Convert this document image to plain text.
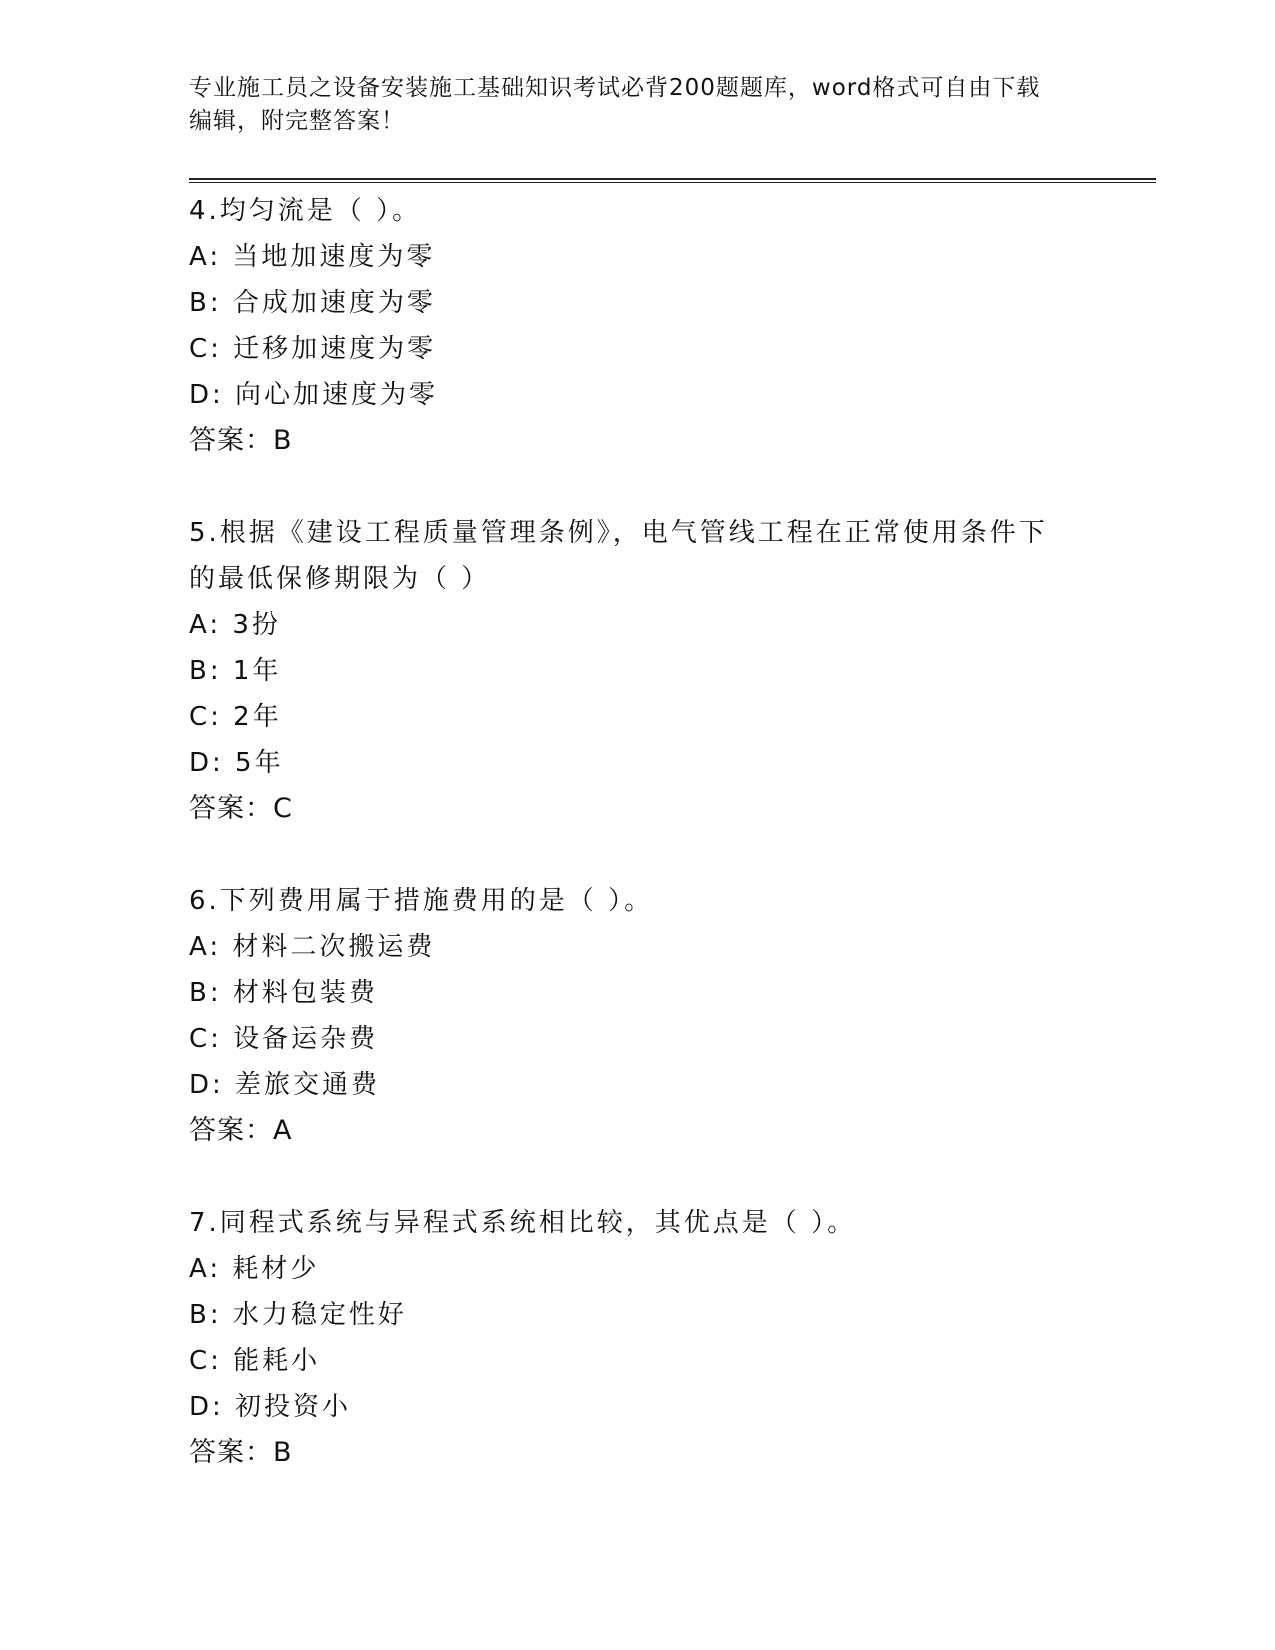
专业施工员之设备安装施工基础知识考试必背200题题库，word格式可自由下载
编辑，附完整答案！
4.均匀流是（ ）。
A: 当地加速度为零
B: 合成加速度为零
C: 迁移加速度为零
D: 向心加速度为零
答案：B
5.根据《建设工程质量管理条例》，电气管线工程在正常使用条件下
的最低保修期限为（ ）
A: 3扮
B: 1年
C: 2年
D: 5年
答案：C
6.下列费用属于措施费用的是（ ）。
A: 材料二次搬运费
B: 材料包装费
C: 设备运杂费
D: 差旅交通费
答案：A
7.同程式系统与异程式系统相比较，其优点是（ ）。
A: 耗材少
B: 水力稳定性好
C: 能耗小
D: 初投资小
答案：B
